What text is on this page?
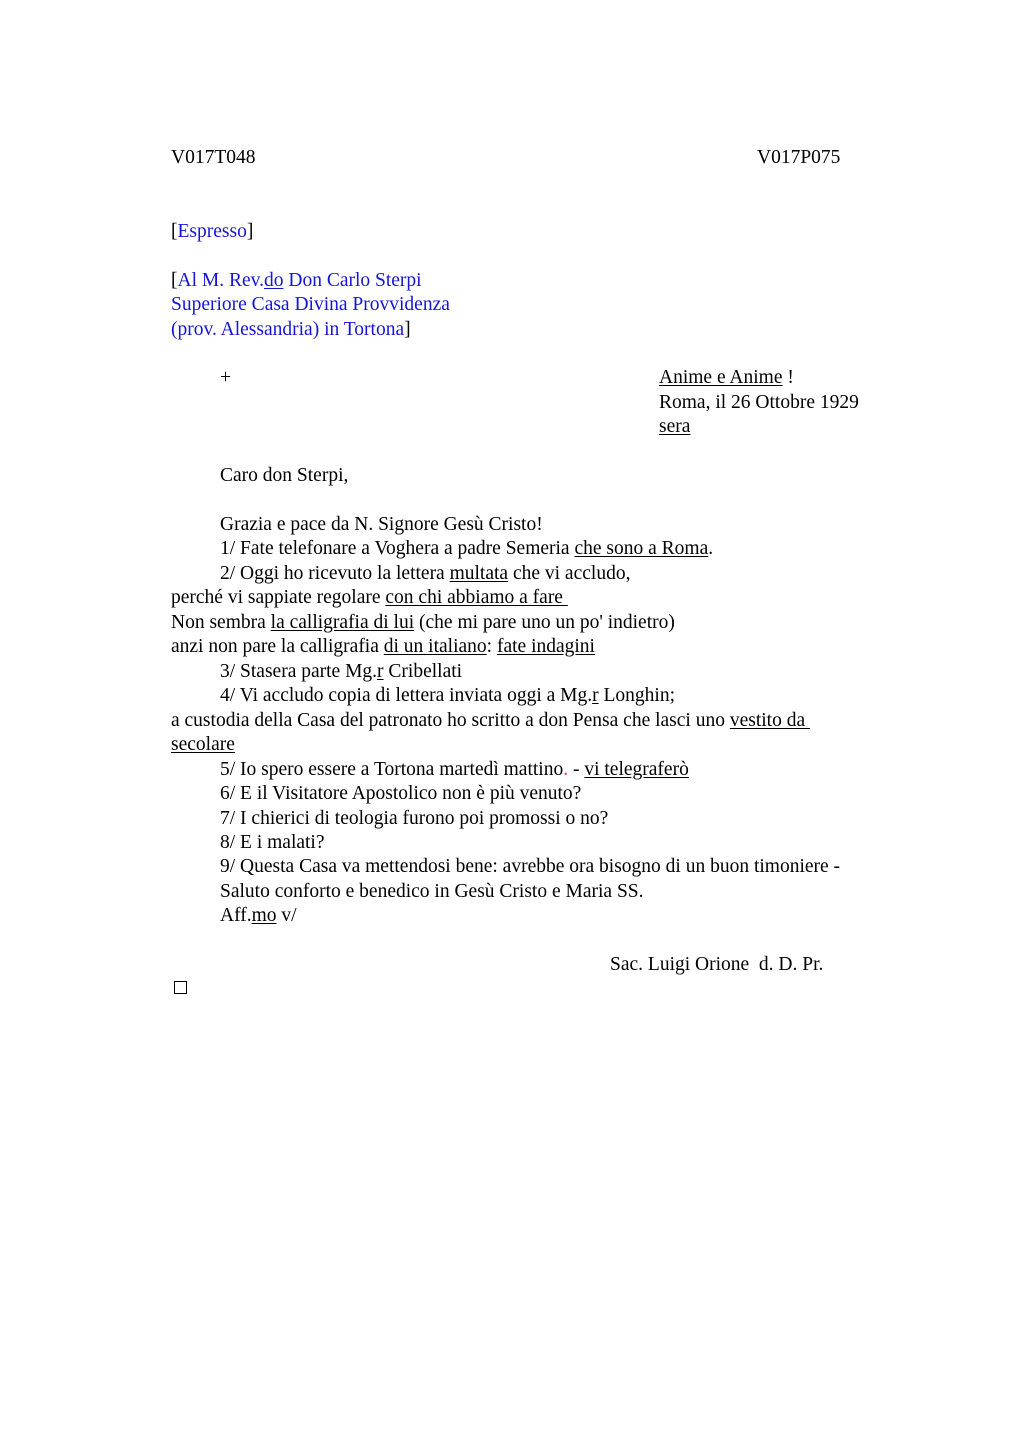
V017T048	V017P075
[Espresso]
[Al M. Rev.do Don Carlo Sterpi
Superiore Casa Divina Provvidenza
(prov. Alessandria) in Tortona]
+	Anime e Anime !
Roma, il 26 Ottobre 1929
sera
Caro don Sterpi,
Grazia e pace da N. Signore Gesù Cristo!
1/ Fate telefonare a Voghera a padre Semeria che sono a Roma.
2/ Oggi ho ricevuto la lettera multata che vi accludo,
perché vi sappiate regolare con chi abbiamo a fare
Non sembra la calligrafia di lui (che mi pare uno un po' indietro)
anzi non pare la calligrafia di un italiano: fate indagini
3/ Stasera parte Mg.r Cribellati
4/ Vi accludo copia di lettera inviata oggi a Mg.r Longhin;
a custodia della Casa del patronato ho scritto a don Pensa che lasci uno vestito da
secolare
5/ Io spero essere a Tortona martedì mattino. - vi telegraferò
6/ E il Visitatore Apostolico non è più venuto?
7/ I chierici di teologia furono poi promossi o no?
8/ E i malati?
9/ Questa Casa va mettendosi bene: avrebbe ora bisogno di un buon timoniere -
Saluto conforto e benedico in Gesù Cristo e Maria SS.
Aff.mo v/
Sac. Luigi Orione  d. D. Pr.
